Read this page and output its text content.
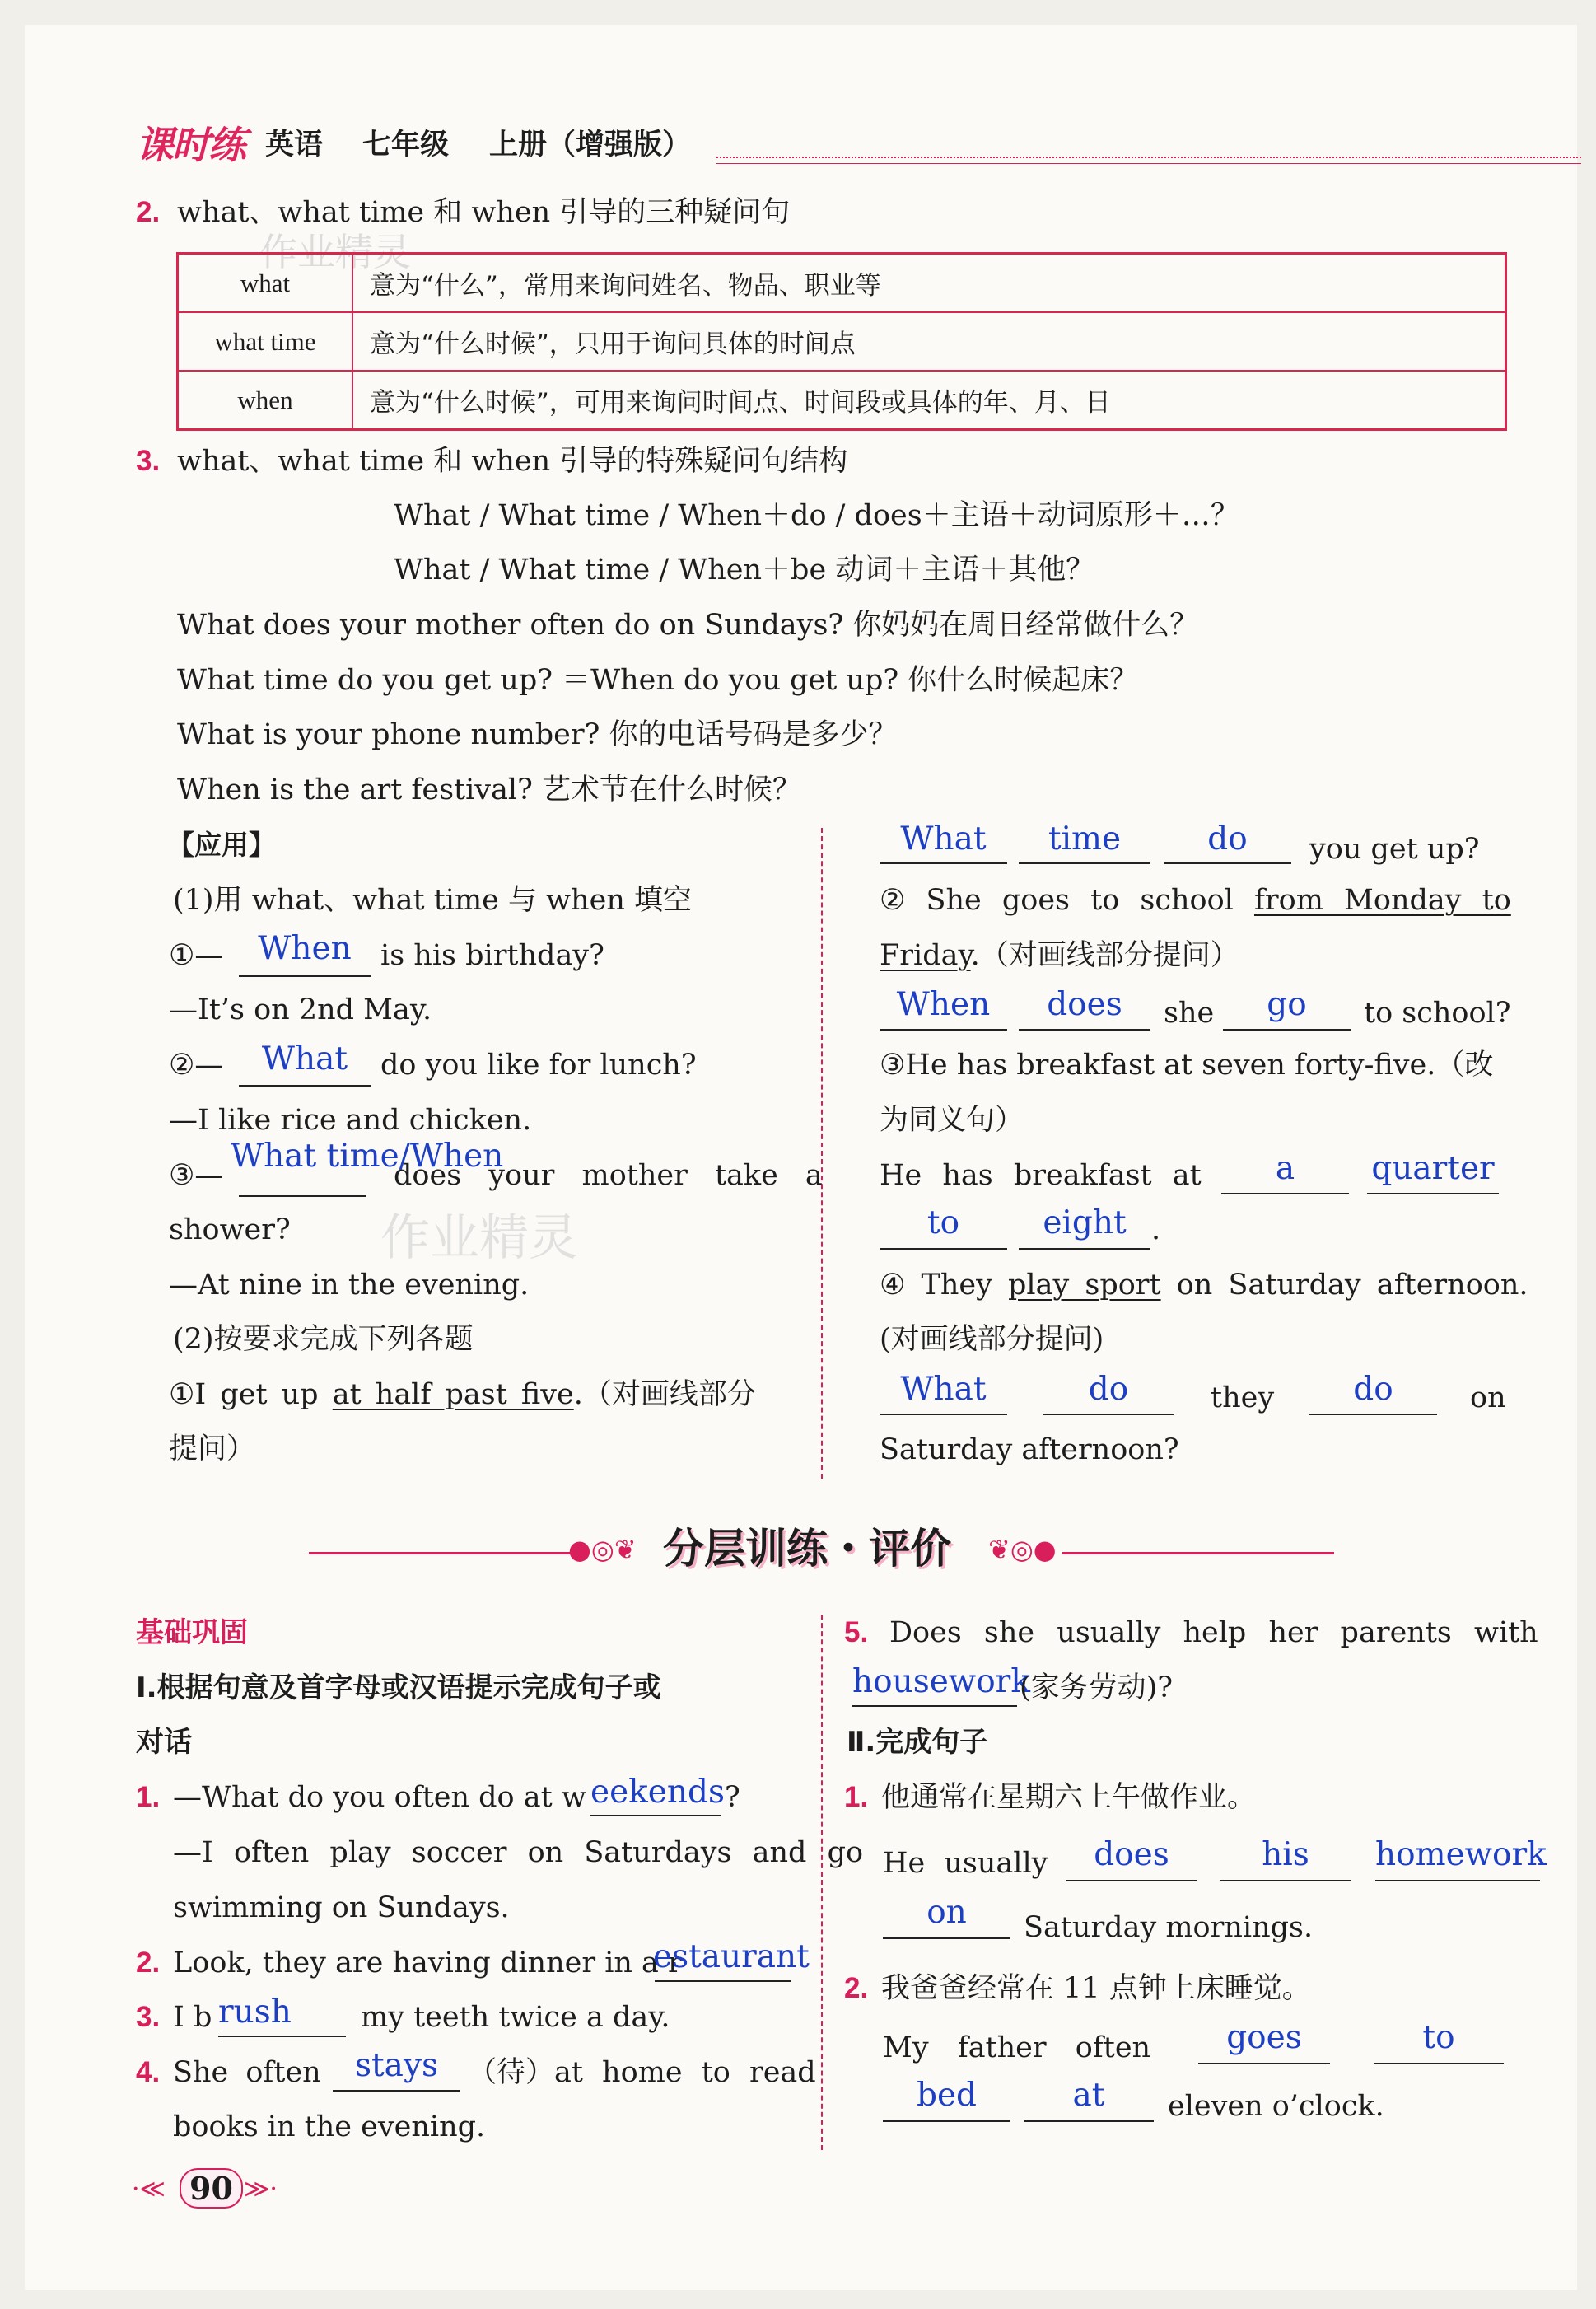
课时练 英语 七年级 上册（增强版）
作业精灵
作业精灵
2. what、what time 和 when 引导的三种疑问句
what	意为“什么”，常用来询问姓名、物品、职业等
what time	意为“什么时候”，只用于询问具体的时间点
when	意为“什么时候”，可用来询问时间点、时间段或具体的年、月、日
3. what、what time 和 when 引导的特殊疑问句结构
What / What time / When＋do / does＋主语＋动词原形＋…？
What / What time / When＋be 动词＋主语＋其他？
What does your mother often do on Sundays? 你妈妈在周日经常做什么？
What time do you get up? ＝When do you get up? 你什么时候起床？
What is your phone number? 你的电话号码是多少？
When is the art festival? 艺术节在什么时候？
【应用】
(1)用 what、what time 与 when 填空
①—	When	is his birthday?
—It’s on 2nd May.
②—	What	do you like for lunch?
—I like rice and chicken.
③—
What time/When
does your mother take a
shower?
—At nine in the evening.
(2)按要求完成下列各题
①I get up at half past five.（对画线部分
提问）
What	time	do	you get up?
② She goes to school from Monday to
Friday.（对画线部分提问）
When	does	she	go	to school?
③He has breakfast at seven forty-five.（改
为同义句）
He has breakfast at	a	quarter
to	eight .
④ They play sport on Saturday afternoon.
(对画线部分提问)
What	do	they	do	on
Saturday afternoon?
●◎❦ 分层训练・评价 ❦◎●
基础巩固
Ⅰ.根据句意及首字母或汉语提示完成句子或
对话
1. —What do you often do at w eekends ?
—I often play soccer on Saturdays and go
swimming on Sundays.
2. Look, they are having dinner in a r
estaurant
3. I b rush	my teeth twice a day.
4. She often	stays	（待）at home to read
books in the evening.
5. Does she usually help her parents with
housework
(家务劳动)?
Ⅱ.完成句子
1. 他通常在星期六上午做作业。
He usually	does	his	homework
on	Saturday mornings.
2. 我爸爸经常在 11 点钟上床睡觉。
My father often	goes	to
bed	at	eleven o’clock.
·≪ 90 ≫·
